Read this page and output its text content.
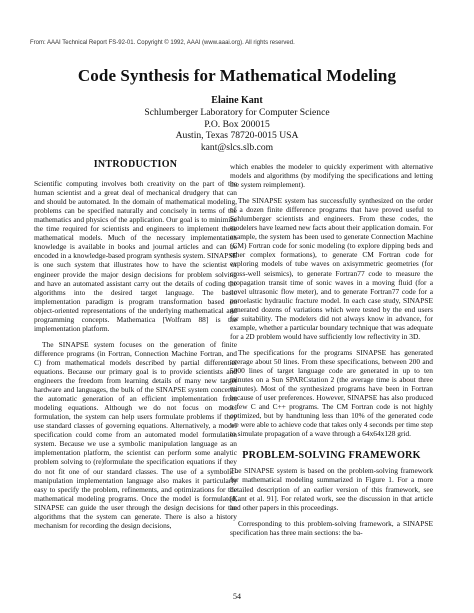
From: AAAI Technical Report FS-92-01. Copyright © 1992, AAAI (www.aaai.org). All rights reserved.
Code Synthesis for Mathematical Modeling
Elaine Kant
Schlumberger Laboratory for Computer Science
P.O. Box 200015
Austin, Texas 78720-0015 USA
kant@slcs.slb.com
INTRODUCTION

Scientific computing involves both creativity on the part of the human scientist and a great deal of mechanical drudgery that can and should be automated. In the domain of mathematical modeling, problems can be specified naturally and concisely in terms of the mathematics and physics of the application. Our goal is to minimize the time required for scientists and engineers to implement these mathematical models. Much of the necessary implementation knowledge is available in books and journal articles and can be encoded in a knowledge-based program synthesis system. SINAPSE is one such system that illustrates how to have the scientist or engineer provide the major design decisions for problem solving and have an automated assistant carry out the details of coding the algorithms into the desired target language. The basic implementation paradigm is program transformation based on object-oriented representations of the underlying mathematical and programming concepts. Mathematica [Wolfram 88] is the implementation platform.

The SINAPSE system focuses on the generation of finite difference programs (in Fortran, Connection Machine Fortran, and C) from mathematical models described by partial differential equations. Because our primary goal is to provide scientists and engineers the freedom from learning details of many new target hardware and languages, the bulk of the SINAPSE system concerns the automatic generation of an efficient implementation from modeling equations. Although we do not focus on model formulation, the system can help users formulate problems if they use standard classes of governing equations. Alternatively, a model specification could come from an automated model formulation system. Because we use a symbolic manipulation language as an implementation platform, the scientist can perform some analytic problem solving to (re)formulate the specification equations if they do not fit one of our standard classes. The use of a symbolic-manipulation implementation language also makes it particularly easy to specify the problem, refinements, and optimizations for the mathematical modeling programs. Once the model is formulated, SINAPSE can guide the user through the design decisions for the algorithms that the system can generate. There is also a history mechanism for recording the design decisions,

which enables the modeler to quickly experiment with alternative models and algorithms (by modifying the specifications and letting the system reimplement).

The SINAPSE system has successfully synthesized on the order of a dozen finite difference programs that have proved useful to Schlumberger scientists and engineers. From these codes, the modelers have learned new facts about their application domain. For example, the system has been used to generate Connection Machine (CM) Fortran code for sonic modeling (to explore dipping beds and other complex formations), to generate CM Fortran code for exploring models of tube waves on axisymmetric geometries (for cross-well seismics), to generate Fortran77 code to measure the propagation transit time of sonic waves in a moving fluid (for a novel ultrasonic flow meter), and to generate Fortran77 code for a poroelastic hydraulic fracture model. In each case study, SINAPSE generated dozens of variations which were tested by the end users for suitability. The modelers did not always know in advance, for example, whether a particular boundary technique that was adequate for a 2D problem would have sufficiently low reflectivity in 3D.

The specifications for the programs SINAPSE has generated average about 50 lines. From these specifications, between 200 and 5000 lines of target language code are generated in up to ten minutes on a Sun SPARCstation 2 (the average time is about three minutes). Most of the synthesized programs have been in Fortran because of user preferences. However, SINAPSE has also produced a few C and C++ programs. The CM Fortran code is not highly optimized, but by handtuning less than 10% of the generated code we were able to achieve code that takes only 4 seconds per time step to simulate propagation of a wave through a 64x64x128 grid.

PROBLEM-SOLVING FRAMEWORK

The SINAPSE system is based on the problem-solving framework for mathematical modeling summarized in Figure 1. For a more detailed description of an earlier version of this framework, see [Kant et al. 91]. For related work, see the discussion in that article and other papers in this proceedings.

Corresponding to this problem-solving framework, a SINAPSE specification has three main sections: the ba-

54
